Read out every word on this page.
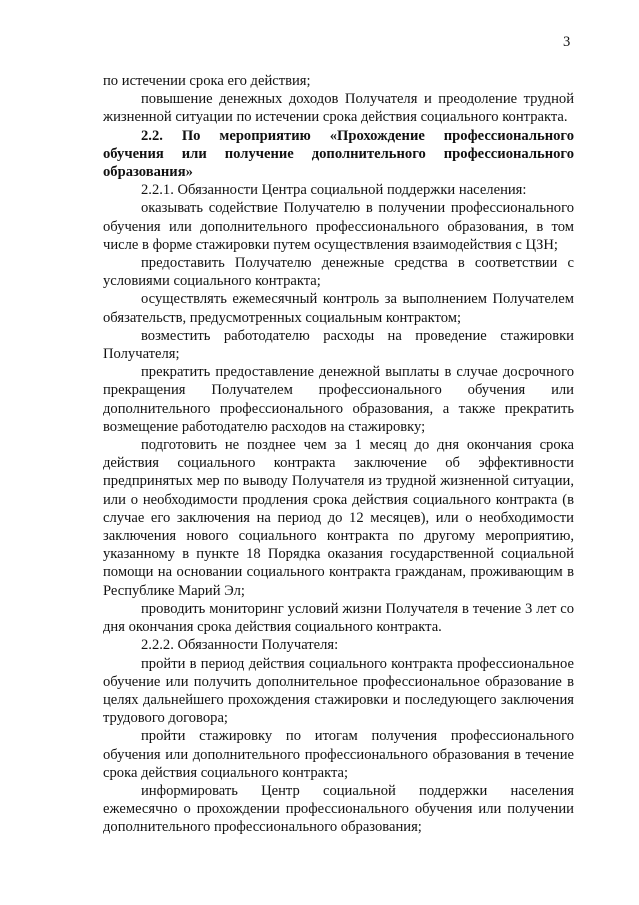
3

по истечении срока его действия;

повышение денежных доходов Получателя и преодоление трудной жизненной ситуации по истечении срока действия социального контракта.

2.2. По мероприятию «Прохождение профессионального обучения или получение дополнительного профессионального образования»

2.2.1. Обязанности Центра социальной поддержки населения:

оказывать содействие Получателю в получении профессионального обучения или дополнительного профессионального образования, в том числе в форме стажировки путем осуществления взаимодействия с ЦЗН;

предоставить Получателю денежные средства в соответствии с условиями социального контракта;

осуществлять ежемесячный контроль за выполнением Получателем обязательств, предусмотренных социальным контрактом;

возместить работодателю расходы на проведение стажировки Получателя;

прекратить предоставление денежной выплаты в случае досрочного прекращения Получателем профессионального обучения или дополнительного профессионального образования, а также прекратить возмещение работодателю расходов на стажировку;

подготовить не позднее чем за 1 месяц до дня окончания срока действия социального контракта заключение об эффективности предпринятых мер по выводу Получателя из трудной жизненной ситуации, или о необходимости продления срока действия социального контракта (в случае его заключения на период до 12 месяцев), или о необходимости заключения нового социального контракта по другому мероприятию, указанному в пункте 18 Порядка оказания государственной социальной помощи на основании социального контракта гражданам, проживающим в Республике Марий Эл;

проводить мониторинг условий жизни Получателя в течение 3 лет со дня окончания срока действия социального контракта.

2.2.2. Обязанности Получателя:

пройти в период действия социального контракта профессиональное обучение или получить дополнительное профессиональное образование в целях дальнейшего прохождения стажировки и последующего заключения трудового договора;

пройти стажировку по итогам получения профессионального обучения или дополнительного профессионального образования в течение срока действия социального контракта;

информировать Центр социальной поддержки населения ежемесячно о прохождении профессионального обучения или получении дополнительного профессионального образования;
